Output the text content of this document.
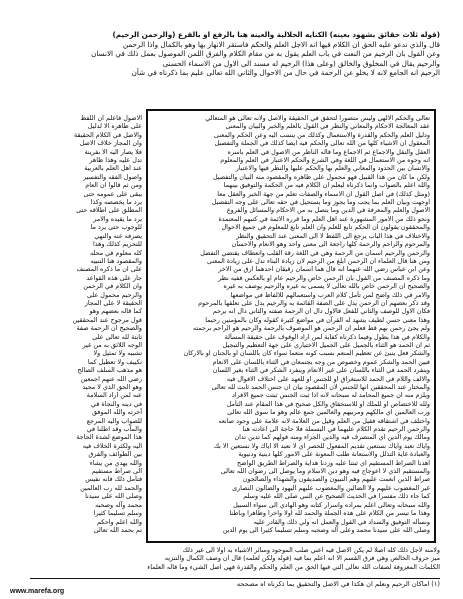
(قوله ثلاث حقائق بشهود بعينه) الكنايه الحلالية والعينه هنا بالرفع او بالقرع (والرحمن الرحيم)
قال والذي ندعو عليه الحق ان الكلام فيها انه الاجل العلم والحكم فاستقر الانهار بها وهو بالكمال واذا الرحمن
وعن القول بان الرحيم من النعت في باب العلم يقول به من مقام الكلام والفرق اللمن الموصول بعمل ذلك في الانسان
والرحيم يقال في المخلوق والخالق (وعلى هذا) الرحيم له مسند الى الاول من الاسماء الحسنى
الرحيم انه الجامع لانه لا يخلو عن الرحمة في حال من الاحوال والثاني الله تعالى عليم بما ذكرناه في شأن
تعالى والحكم الالهي وليس متصورا لتحقق في الحقيقة والاصل ولانه تعالى هو المتعالي
عقد المعالجة الاحكام والمعاني والنظر في القول بالعلم والخبر والبيان والمعنى
ودليل العلم والحكم والقدرة والاستعمال وكذلك من ينسب اليه وعن الحكم والمعنى
المعقول ان الاشياء كلها من الله تعالى والحكم فيه ايضا كذلك في الجملة والتفصيل
العقل والنقل والاجماع ثم الاجماع وما قاله الناظر من الاصول في العلم باسره
انه وجوه من الاستعمال في اللغة وفي الشرع والحكم الاعتبار في العلم والمعلوم
والانسان بين الحدود والمعاني والعلم بها والحكم عليها والنظر فيها والاعتبار
ولكن ما كان من هذا القبيل فهو محمول على ظاهره والمقصود منه البيان والتفصيل
والله اعلم بالصواب وانما ذكرناه ليعلم ان الكلام فيه من الحكمة والتوفيق بينهما
(ومثل كذلك) في اصل القول ان الاسماء والصفات تعلم من جهة الخبر والعقل معا
اوجهت وبيان العلم بما يجب وما يجوز وما يستحيل في حقه تعالى على وجه التفصيل
الاصول والعلم والمعرفة في الدين وما يتصل به من الاحكام والمسائل والفروع
ونحو ذلك من الامور المشهورة عند اهل العلم وما قرره الائمة في كتبهم المعتمدة
والمحققون يقولون ان الحكم تابع للعلم وان العلم تابع للمعلوم في جميع الاحوال
والاختلاف في هذا الباب يرجع الى اللفظ لا الى المعنى عند التحقيق والنظر
والمرحوم والراحم والرحمة كلها راجعة الى معنى واحد وهو الانعام والاحسان
والرحمن والرحيم اسمان من الرحمة وهي في اللغة رقة القلب وانعطاف يقتضي التفضل
ومن هنا قال العلماء ان الرحمن ابلغ من الرحيم لان زيادة البناء تدل على زيادة المعنى
وعن ابن عباس رضي الله عنهما انه قال هما اسمان رقيقان احدهما ارق من الاخر
وما ذكره المصنف من القول بان الرحمن خاص والرحيم عام او بالعكس ففيه نظر
والصحيح ان الرحمن خاص بالله تعالى لا يسمى به غيره والرحيم يوصف به غيره
والامر في ذلك واضح لمن تأمل كلام العرب واستعمالهم للالفاظ في مواضعها
وقد ذكر بعضهم ان الرحمن يدل على الصفة القائمة به والرحيم يدل على تعلقها بالمرحوم
فكان الاول للوصف والثاني للفعل فالاول دال ان الرحمة صفته والثاني دال انه يرحم
وهذا معنى حسن لطيف يشهد له القرآن في مواضع كثيرة كقوله وكان بالمؤمنين رحيما
ولم يجئ رحمن بهم قط فعلم ان الرحمن هو الموصوف بالرحمة والرحيم هو الراحم برحمته
والكلام في هذا يطول وفيما ذكرناه كفاية لمن اراد الوقوف على حقيقة المسألة
ثم ان الحمد هو الثناء بالجميل على الجميل الاختياري على جهة التعظيم والتبجيل
والشكر فعل ينبئ عن تعظيم المنعم بسبب كونه منعما سواء كان باللسان او بالجنان او بالاركان
فبين الحمد والشكر عموم وخصوص من وجه يجتمعان في الثناء باللسان على الانعام
وينفرد الحمد في الثناء باللسان على غير الانعام وينفرد الشكر في الثناء بغير اللسان
والالف واللام في الحمد للاستغراق او للجنس او للعهد على اختلاف الاقوال فيه
والمختار عند المحققين انها للجنس لان المقصود بيان ان جنس الحمد ثابت لله تعالى
ويلزم منه ان جميع المحامد له سبحانه لانه اذا ثبت الجنس ثبتت جميع الافراد
ولله للاختصاص او للملك او للاستحقاق والكل صحيح في هذا المقام عند التأمل
ورب العالمين اي مالكهم ومربيهم والعالمين جمع عالم وهو ما سوى الله تعالى
واختلف في اشتقاقه فقيل من العلم وقيل من العلامة لانه علامة على وجود صانعه
والرحمن الرحيم تقدم الكلام عليهما في البسملة فلا حاجة الى اعادته هنا
ومالك يوم الدين اي المتصرف فيه والدين الجزاء ومنه قولهم كما تدين تدان
واياك نعبد واياك نستعين تقديم المفعول للحصر اي لا نعبد الا اياك ولا نستعين الا بك
والعبادة غاية التذلل والاستعانة طلب المعونة على الامور كلها دينية ودنيوية
اهدنا الصراط المستقيم اي ثبتنا عليه وزدنا هداية والصراط الطريق الواضح
والمستقيم الذي لا اعوجاج فيه وهو دين الاسلام وما يوصل الى رضوان الله تعالى
صراط الذين انعمت عليهم وهم النبيون والصديقون والشهداء والصالحون
غير المغضوب عليهم ولا الضالين والمغضوب عليهم اليهود والضالون النصارى
كما جاء ذلك مفسرا في الحديث الصحيح عن النبي صلى الله عليه وسلم
والله سبحانه وتعالى اعلم بمراده واسرار كتابه وهو الهادي الى سواء السبيل
وهذا ما تيسر من الكلام على هذه الجملة والحمد لله اولا واخرا وظاهرا وباطنا
ونسأله التوفيق والسداد في القول والعمل انه ولي ذلك والقادر عليه
وصلى الله على سيدنا محمد وعلى آله وصحبه وسلم تسليما كثيرا الى يوم الدين
الاصول فاعلم ان اللفظ
على ظاهره الا لدليل
والاصل في الكلام الحقيقة
وان المجاز خلاف الاصل
فلا يصار اليه الا بقرينة
تدل عليه وهذا ظاهر
عند اهل العلم بالعربية
واصول الفقه والتفسير
ومن ثم قالوا ان العام
يبقى على عمومه حتى
يرد ما يخصصه وكذا
المطلق على اطلاقه حتى
يرد ما يقيده والامر
للوجوب حتى يرد ما
يصرفه عنه والنهي
للتحريم كذلك وهذا
كله معلوم في محله
والمقصود هنا التنبيه
على ان ما ذكره المصنف
جار على هذه القواعد
وان الكلام في الرحمن
والرحيم محمول على
الحقيقة لا على المجاز
كما قاله بعضهم وهو
قول مرجوح عند المحققين
والصحيح ان الرحمة صفة
ثابتة لله تعالى على
الوجه اللائق به من غير
تشبيه ولا تمثيل ولا
تكييف ولا تعطيل كما
هو مذهب السلف الصالح
رضي الله عنهم اجمعين
وهو الحق الذي لا محيد
عنه لمن اراد السلامة
في دينه والنجاة في
آخرته والله الموفق
للصواب واليه المرجع
والمآب وقد اطلنا في
هذا الموضع لشدة الحاجة
اليه ولكثرة الخلاف فيه
بين الطوائف والفرق
والله يهدي من يشاء
الى صراط مستقيم
فتأمل ذلك فانه نفيس
والحمد لله رب العالمين
وصلى الله على سيدنا
محمد وآله وصحبه
وسلم تسليما كثيرا
والله اعلم واحكم
تم بحمد الله تعالى
ولامنه لاجل ذلك كله اصلا لم يكن الاصل فيه اعني صلب الموجود وسائر الاشياء به اولا الى غير ذلك
ميز حروف الخالص وهي فرق القسم الا انه اعلم بما فيه (قوله ولكن لعلمه) قال ان وصف الكمال والتنزيه
الكلمات المعروفة لصفات الله تعالى التي فيها الحق من العلم والحكم والقدرة فهي اصل الشيء وما قاله العلماء
(١) اماكان الرحيم ونعلم ان هكذا في الاصل والتحقيق بما ذكرناه اه مصححه
www.marefa.org
